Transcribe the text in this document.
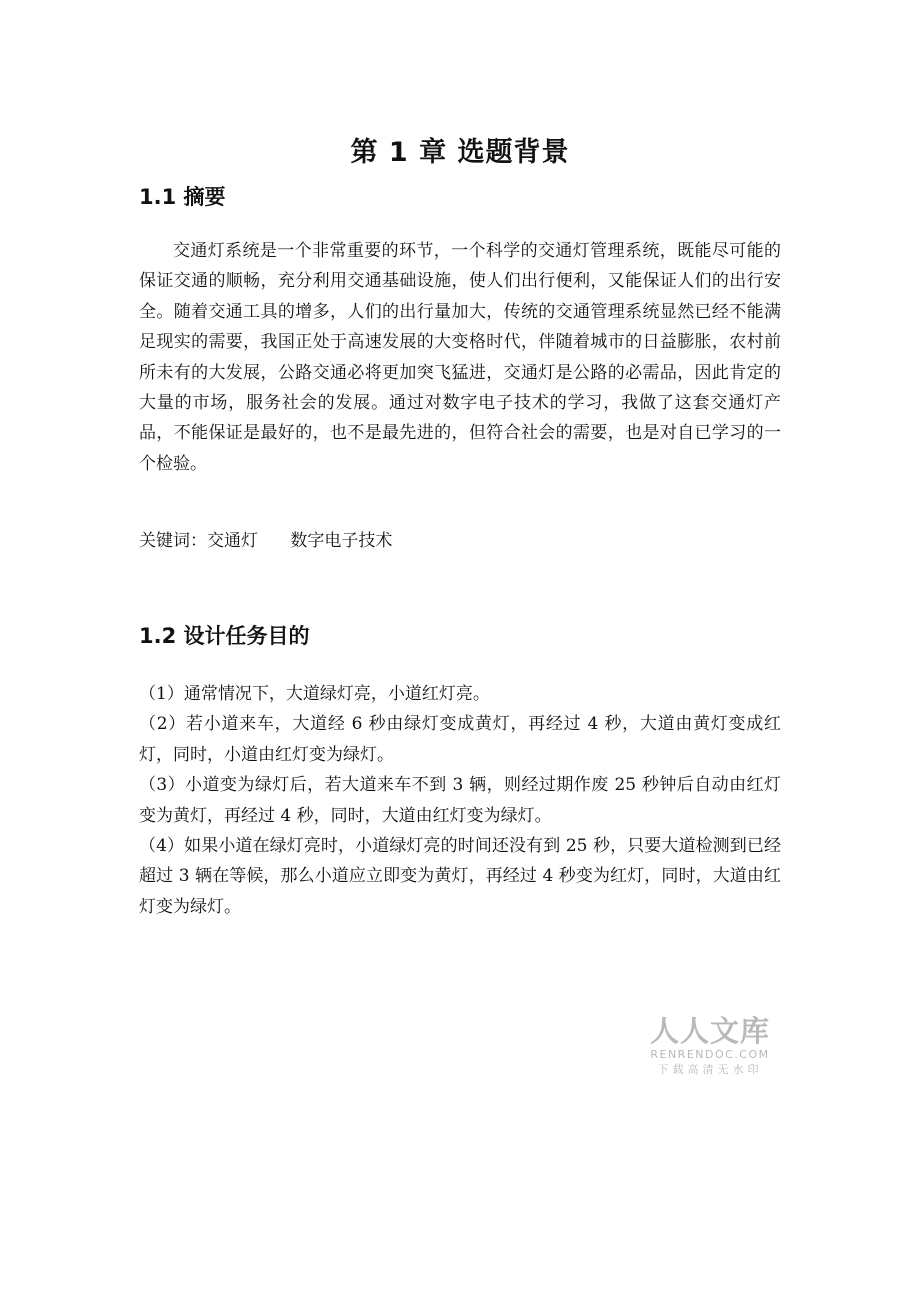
第 1 章 选题背景
1.1 摘要

交通灯系统是一个非常重要的环节，一个科学的交通灯管理系统，既能尽可能的保证交通的顺畅，充分利用交通基础设施，使人们出行便利，又能保证人们的出行安全。随着交通工具的增多，人们的出行量加大，传统的交通管理系统显然已经不能满足现实的需要，我国正处于高速发展的大变格时代，伴随着城市的日益膨胀，农村前所未有的大发展，公路交通必将更加突飞猛进，交通灯是公路的必需品，因此肯定的大量的市场，服务社会的发展。通过对数字电子技术的学习，我做了这套交通灯产品，不能保证是最好的，也不是最先进的，但符合社会的需要，也是对自已学习的一个检验。

关键词：交通灯      数字电子技术
1.2 设计任务目的

（1）通常情况下，大道绿灯亮，小道红灯亮。

（2）若小道来车，大道经 6 秒由绿灯变成黄灯，再经过 4 秒，大道由黄灯变成红灯，同时，小道由红灯变为绿灯。

（3）小道变为绿灯后，若大道来车不到 3 辆，则经过期作废 25 秒钟后自动由红灯变为黄灯，再经过 4 秒，同时，大道由红灯变为绿灯。

（4）如果小道在绿灯亮时，小道绿灯亮的时间还没有到 25 秒，只要大道检测到已经超过 3 辆在等候，那么小道应立即变为黄灯，再经过 4 秒变为红灯，同时，大道由红灯变为绿灯。

人人文库
RENRENDOC.COM
下载高清无水印
